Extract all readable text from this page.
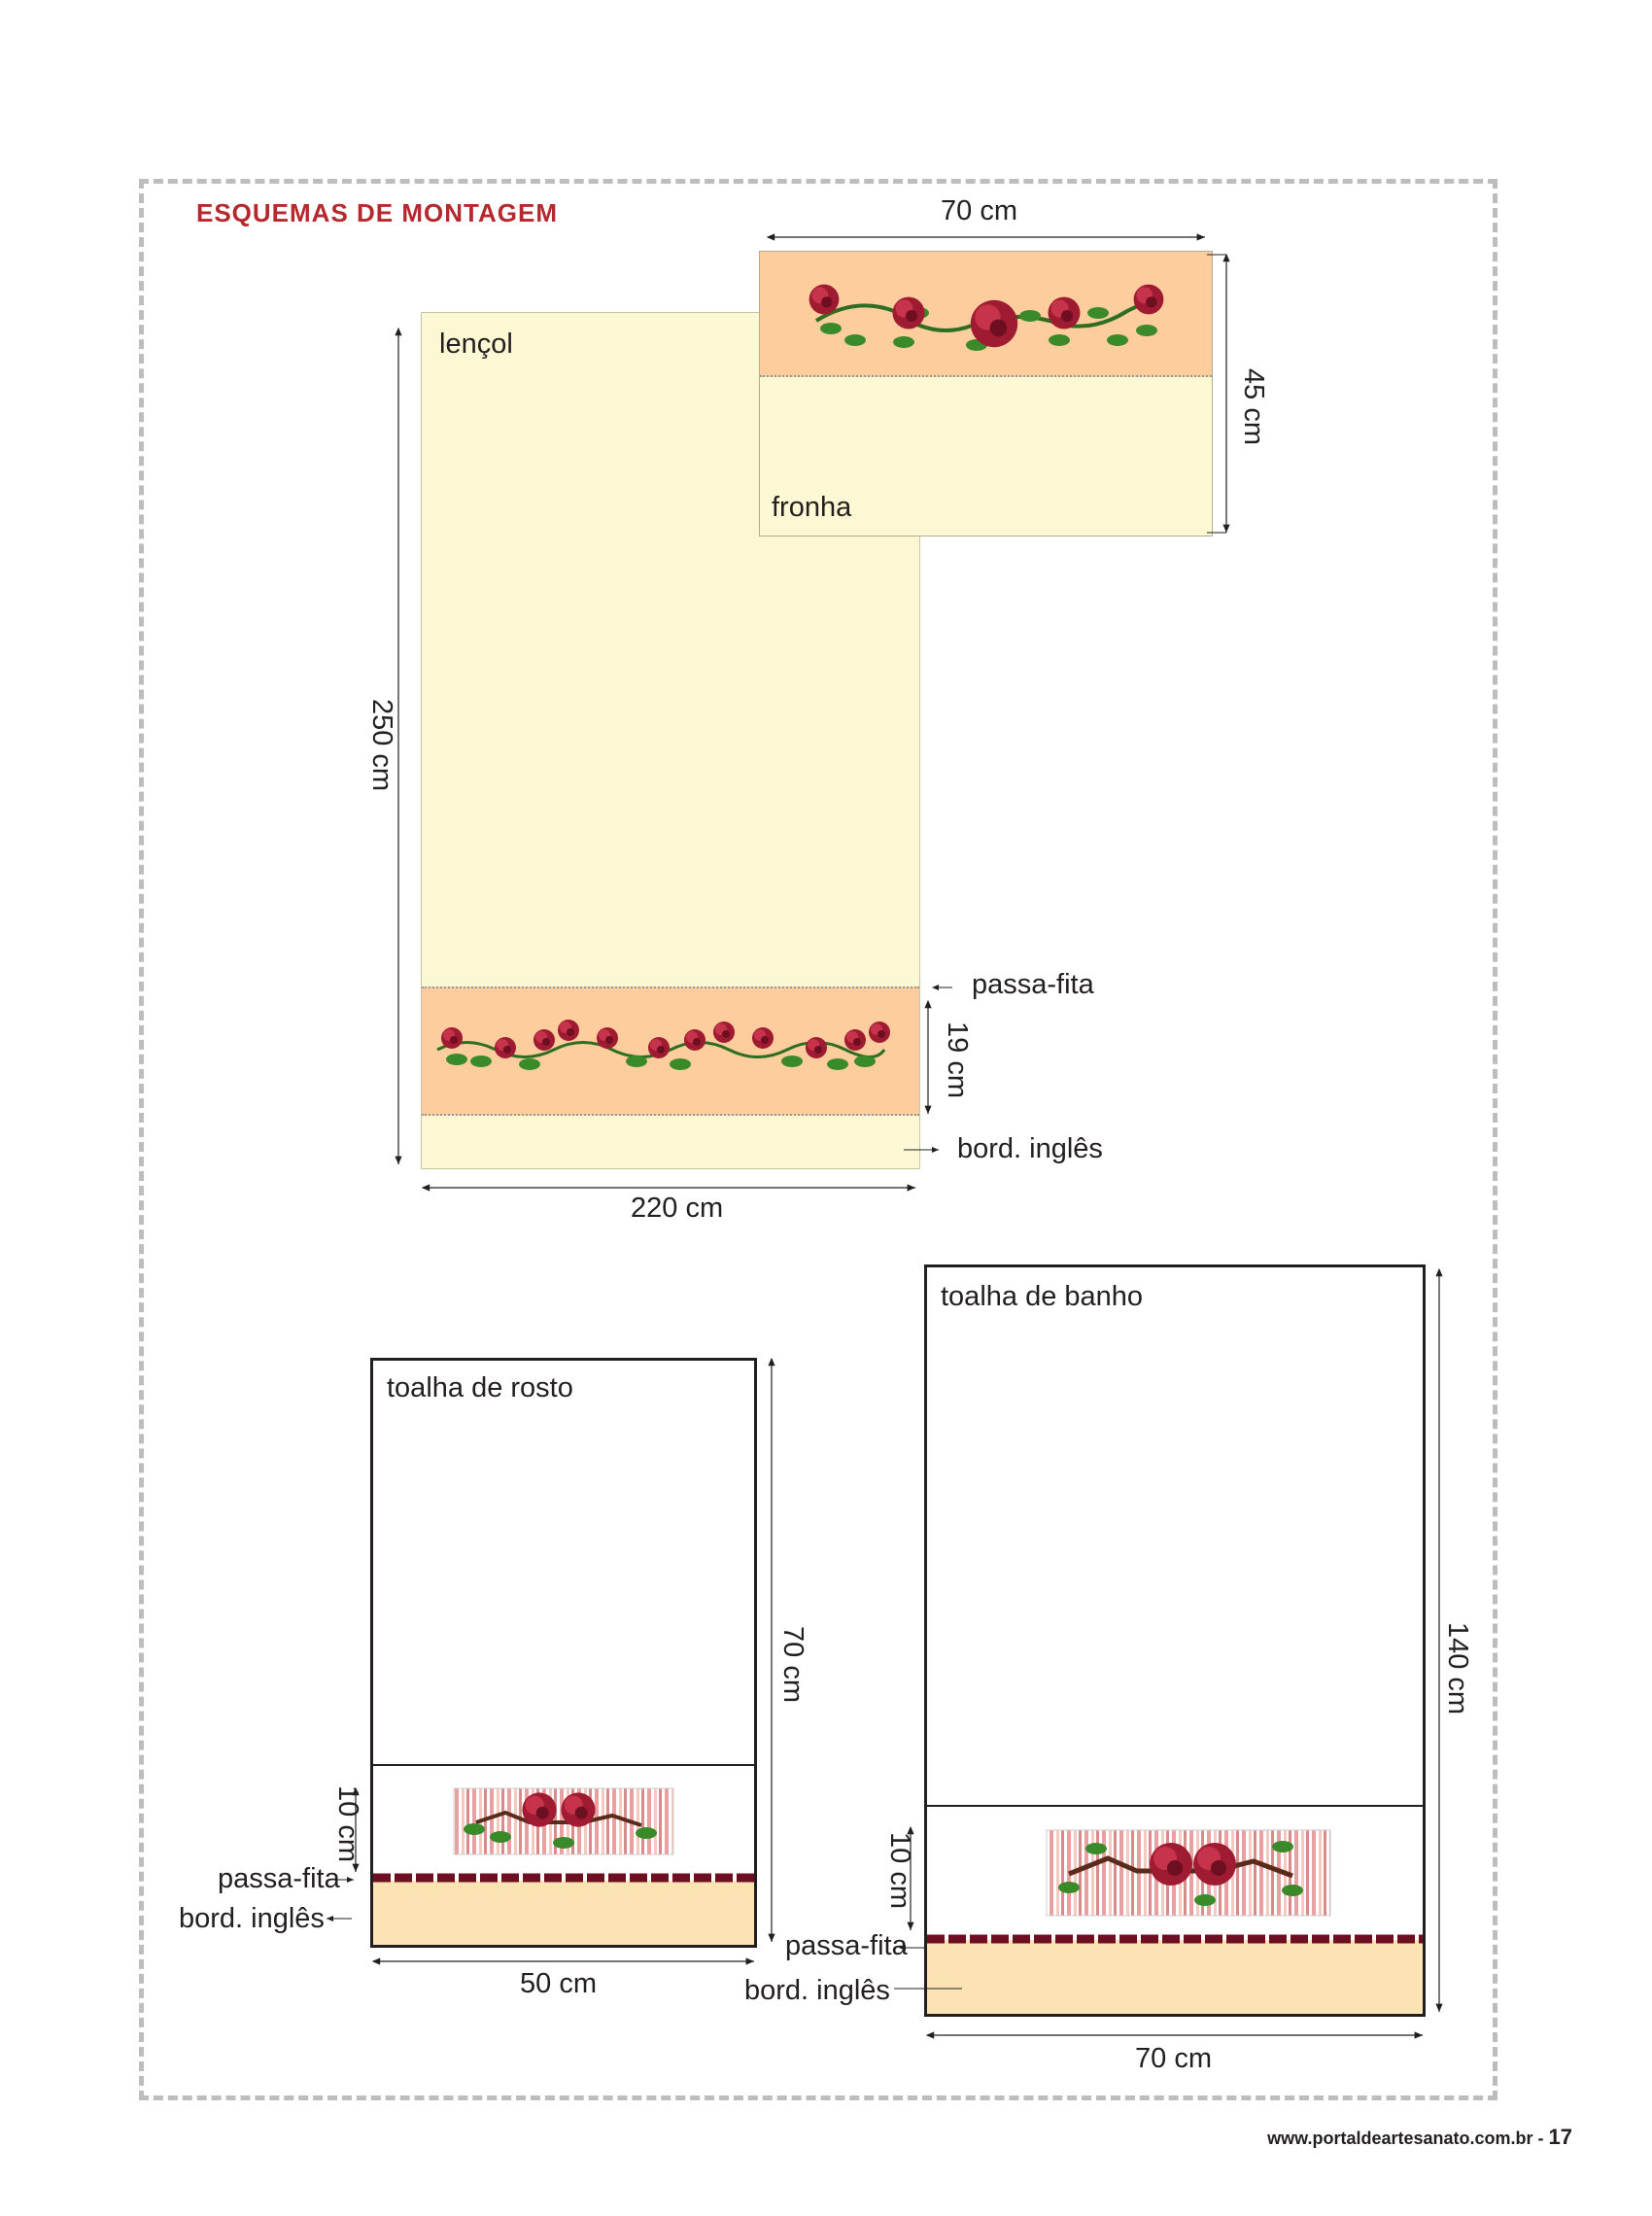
ESQUEMAS DE MONTAGEM
lençol
fronha
toalha de rosto
toalha de banho
250 cm
220 cm
19 cm
passa-fita
bord. inglês
70 cm
45 cm
70 cm
10 cm
50 cm
passa-fita
bord. inglês
140 cm
10 cm
70 cm
passa-fita
bord. inglês
www.portaldeartesanato.com.br - 17
